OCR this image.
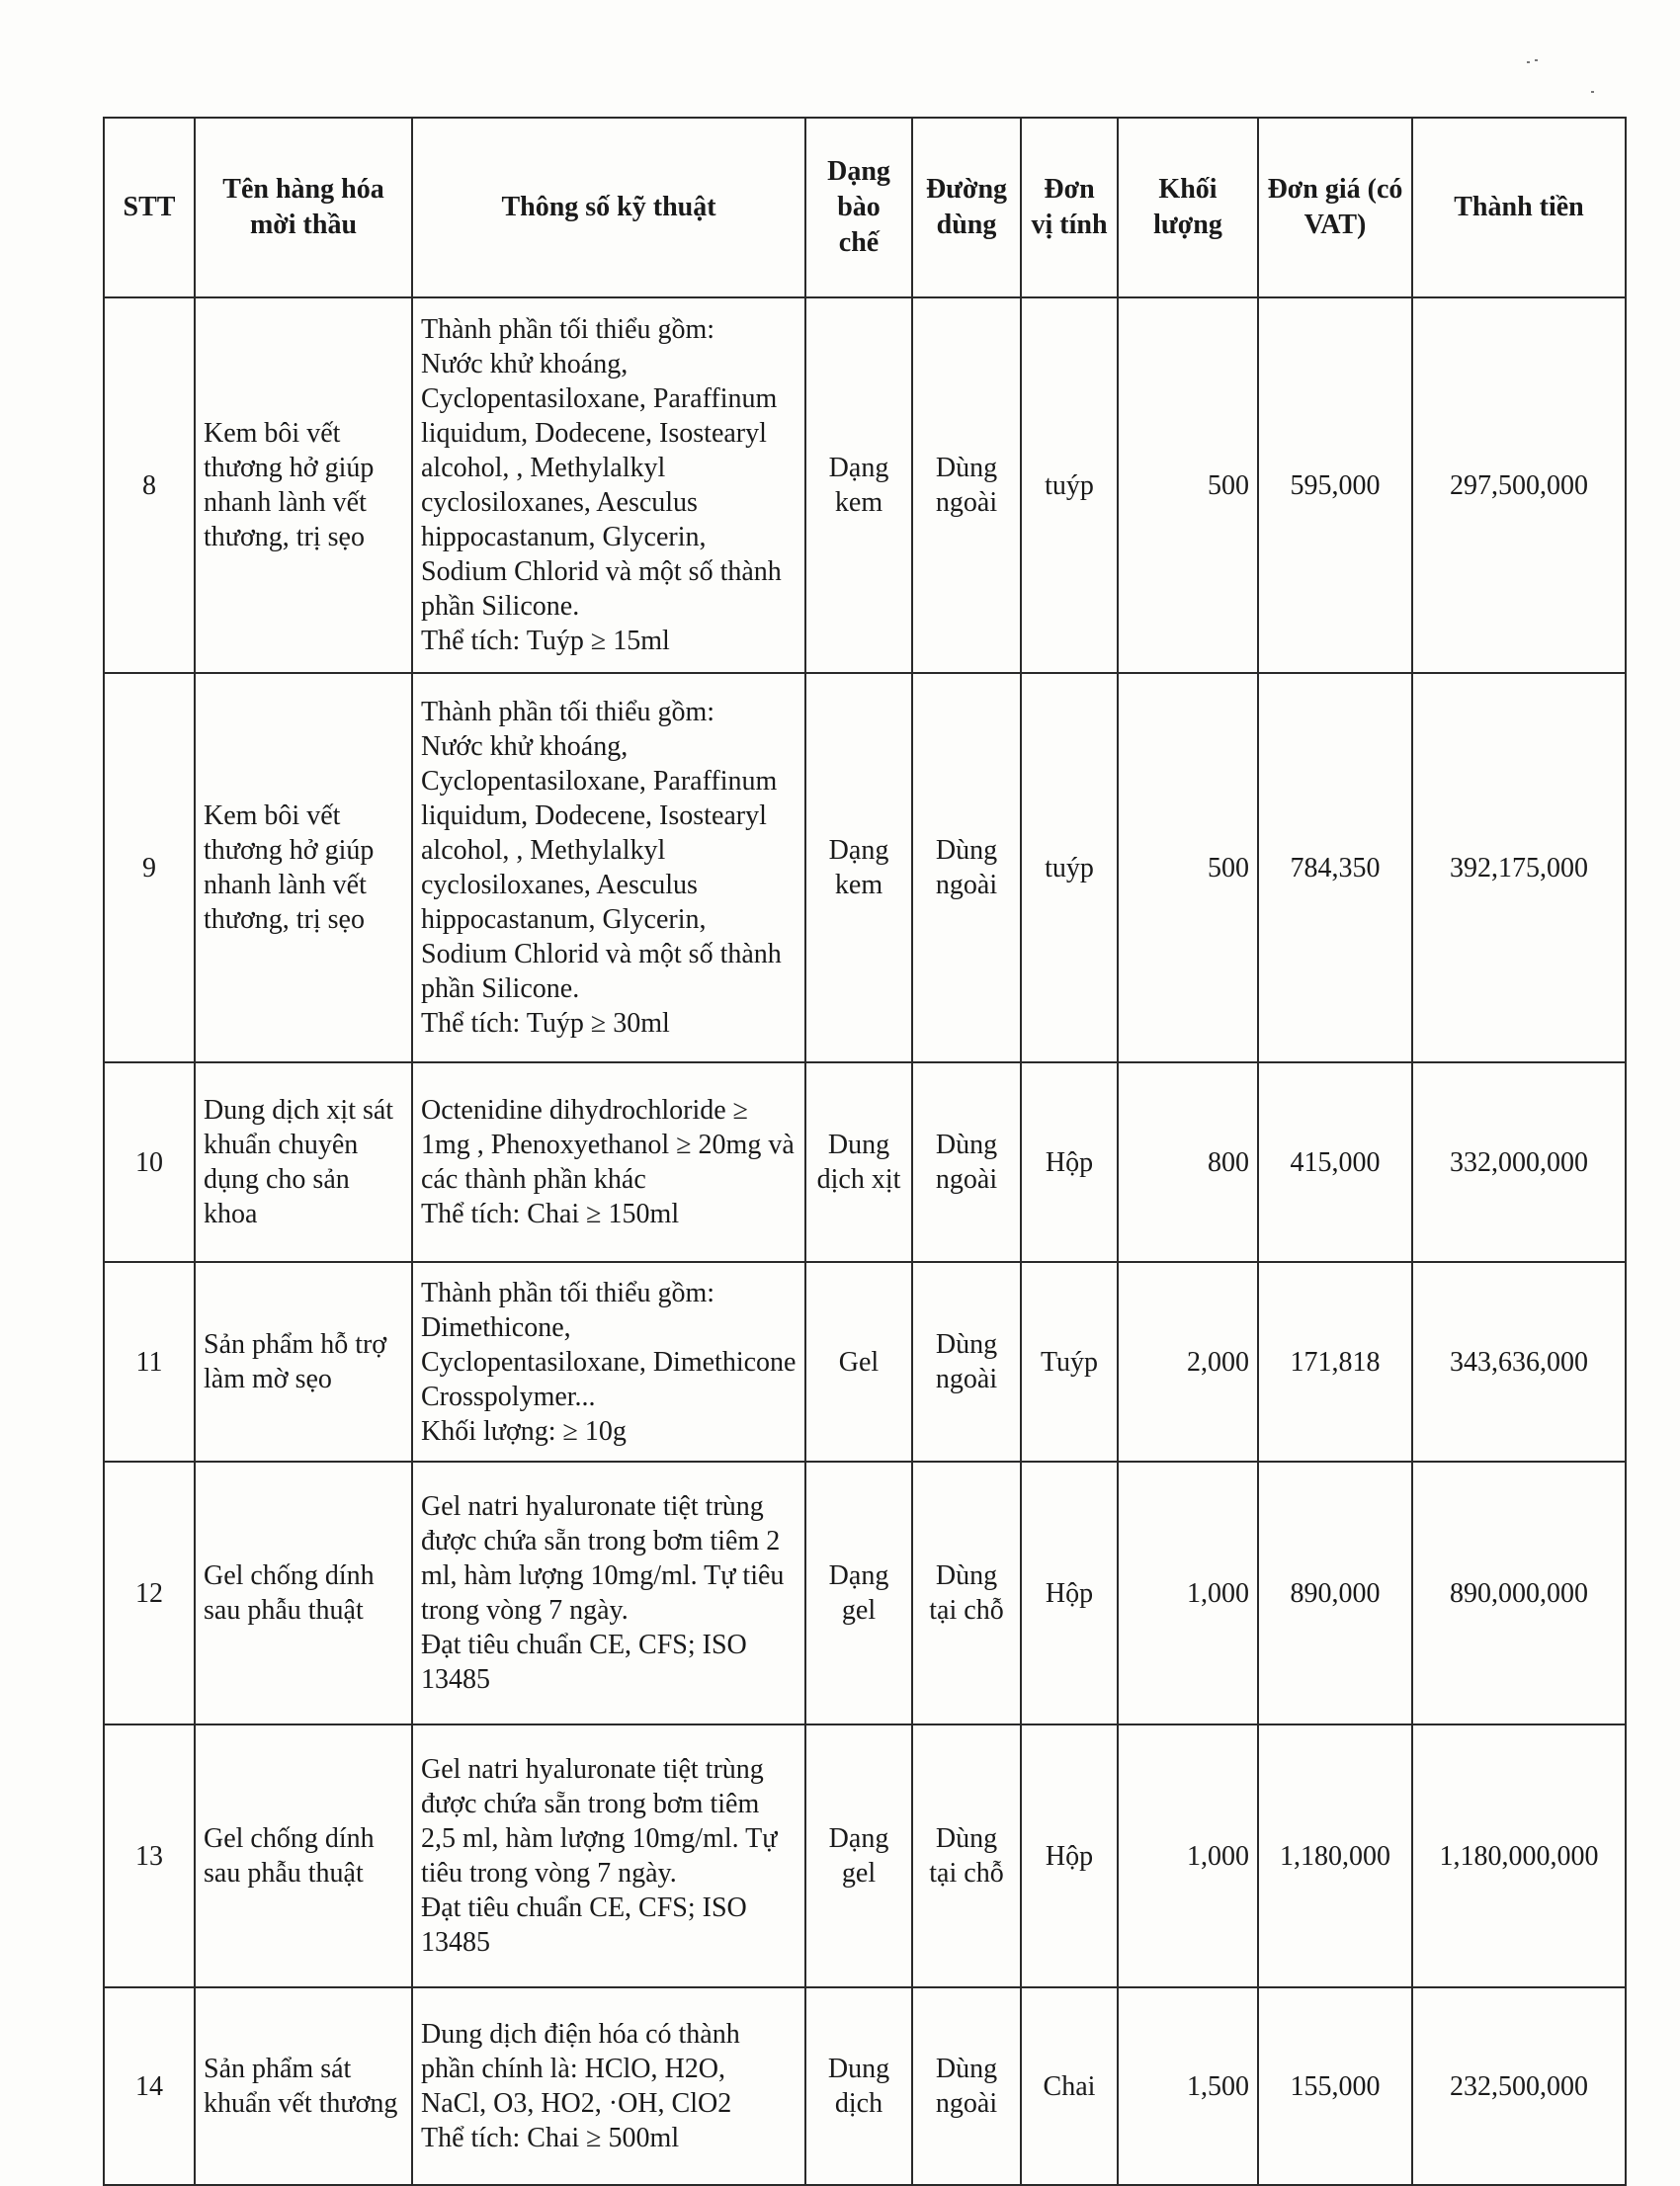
STT	Tên hàng hóa mời thầu	Thông số kỹ thuật	Dạng bào chế	Đường dùng	Đơn vị tính	Khối lượng	Đơn giá (có VAT)	Thành tiền
8	Kem bôi vết thương hở giúp nhanh lành vết thương, trị sẹo	Thành phần tối thiểu gồm:
Nước khử khoáng, Cyclopentasiloxane, Paraffinum liquidum, Dodecene, Isostearyl alcohol, , Methylalkyl cyclosiloxanes, Aesculus hippocastanum, Glycerin, Sodium Chlorid và một số thành phần Silicone.
Thể tích: Tuýp ≥ 15ml	Dạng kem	Dùng ngoài	tuýp	500	595,000	297,500,000
9	Kem bôi vết thương hở giúp nhanh lành vết thương, trị sẹo	Thành phần tối thiểu gồm:
Nước khử khoáng, Cyclopentasiloxane, Paraffinum liquidum, Dodecene, Isostearyl alcohol, , Methylalkyl cyclosiloxanes, Aesculus hippocastanum, Glycerin, Sodium Chlorid và một số thành phần Silicone.
Thể tích: Tuýp ≥ 30ml	Dạng kem	Dùng ngoài	tuýp	500	784,350	392,175,000
10	Dung dịch xịt sát khuẩn chuyên dụng cho sản khoa	Octenidine dihydrochloride ≥ 1mg , Phenoxyethanol ≥ 20mg và các thành phần khác
Thể tích: Chai ≥ 150ml	Dung dịch xịt	Dùng ngoài	Hộp	800	415,000	332,000,000
11	Sản phẩm hỗ trợ làm mờ sẹo	Thành phần tối thiểu gồm:
Dimethicone, Cyclopentasiloxane, Dimethicone Crosspolymer...
Khối lượng: ≥ 10g	Gel	Dùng ngoài	Tuýp	2,000	171,818	343,636,000
12	Gel chống dính sau phẫu thuật	Gel natri hyaluronate tiệt trùng được chứa sẵn trong bơm tiêm 2 ml, hàm lượng 10mg/ml. Tự tiêu trong vòng 7 ngày.
Đạt tiêu chuẩn CE, CFS; ISO 13485	Dạng gel	Dùng tại chỗ	Hộp	1,000	890,000	890,000,000
13	Gel chống dính sau phẫu thuật	Gel natri hyaluronate tiệt trùng được chứa sẵn trong bơm tiêm 2,5 ml, hàm lượng 10mg/ml. Tự tiêu trong vòng 7 ngày.
Đạt tiêu chuẩn CE, CFS; ISO 13485	Dạng gel	Dùng tại chỗ	Hộp	1,000	1,180,000	1,180,000,000
14	Sản phẩm sát khuẩn vết thương	Dung dịch điện hóa có thành phần chính là: HClO, H2O, NaCl, O3, HO2, ·OH, ClO2
Thể tích: Chai ≥ 500ml	Dung dịch	Dùng ngoài	Chai	1,500	155,000	232,500,000
